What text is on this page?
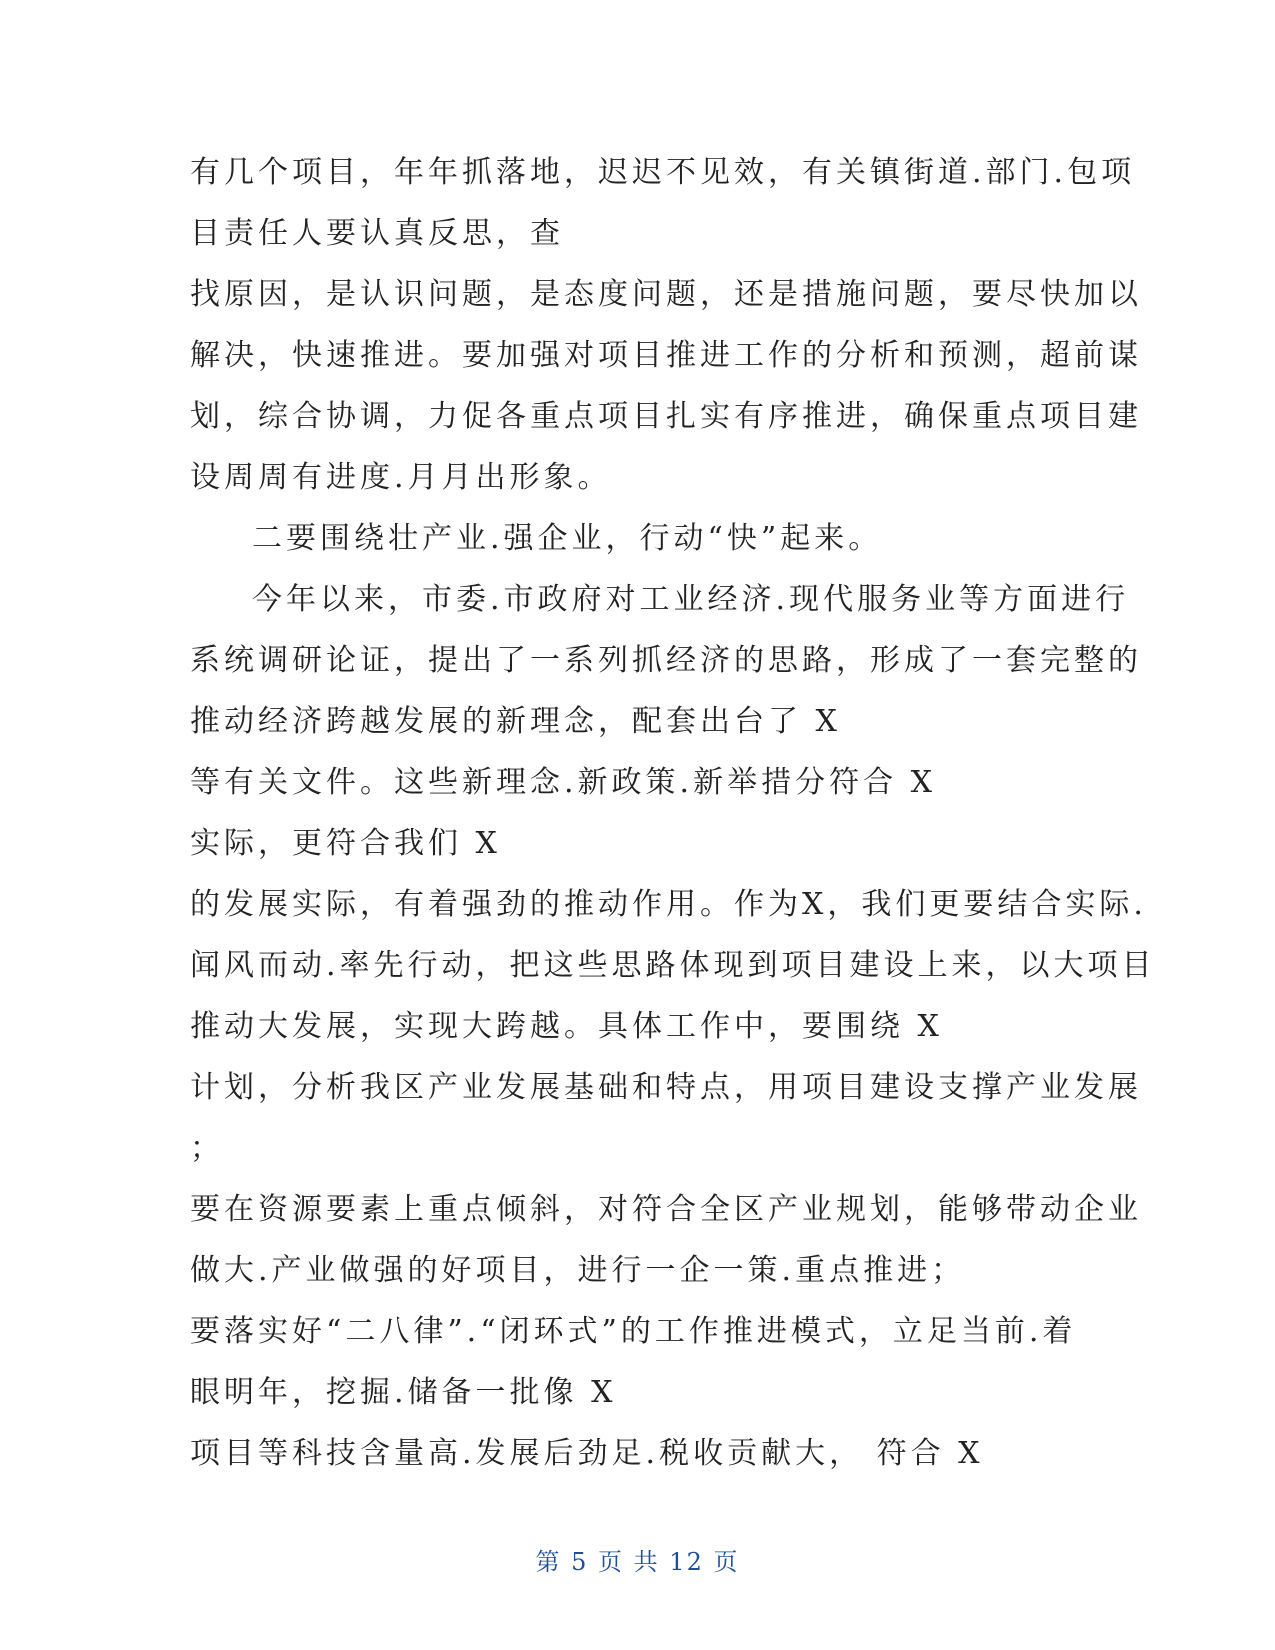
有几个项目，年年抓落地，迟迟不见效，有关镇街道.部门.包项
目责任人要认真反思，查
找原因，是认识问题，是态度问题，还是措施问题，要尽快加以
解决，快速推进。要加强对项目推进工作的分析和预测，超前谋
划，综合协调，力促各重点项目扎实有序推进，确保重点项目建
设周周有进度.月月出形象。
二要围绕壮产业.强企业，行动“快”起来。
今年以来，市委.市政府对工业经济.现代服务业等方面进行
系统调研论证，提出了一系列抓经济的思路，形成了一套完整的
推动经济跨越发展的新理念，配套出台了 X
等有关文件。这些新理念.新政策.新举措分符合 X
实际，更符合我们 X
的发展实际，有着强劲的推动作用。作为X，我们更要结合实际.
闻风而动.率先行动，把这些思路体现到项目建设上来，以大项目
推动大发展，实现大跨越。具体工作中，要围绕 X
计划，分析我区产业发展基础和特点，用项目建设支撑产业发展
；
要在资源要素上重点倾斜，对符合全区产业规划，能够带动企业
做大.产业做强的好项目，进行一企一策.重点推进；
要落实好“二八律”.“闭环式”的工作推进模式，立足当前.着
眼明年，挖掘.储备一批像 X
项目等科技含量高.发展后劲足.税收贡献大， 符合 X
第 5 页 共 12 页
